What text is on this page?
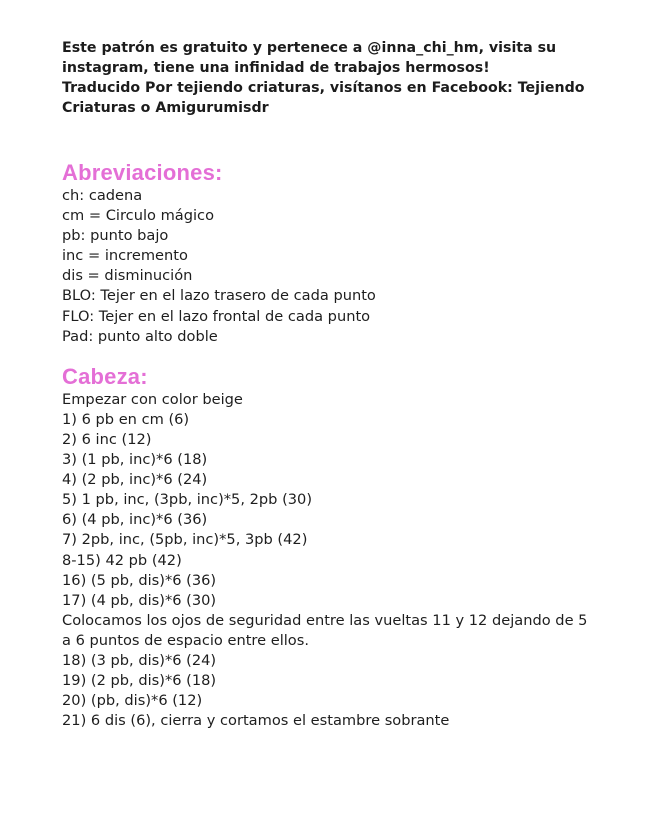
Este patrón es gratuito y pertenece a @inna_chi_hm, visita su

instagram, tiene una infinidad de trabajos hermosos!

Traducido Por tejiendo criaturas, visítanos en Facebook: Tejiendo

Criaturas o Amigurumisdr

Abreviaciones:
ch: cadena
cm = Circulo mágico
pb: punto bajo
inc = incremento
dis = disminución
BLO: Tejer en el lazo trasero de cada punto
FLO: Tejer en el lazo frontal de cada punto
Pad: punto alto doble
Cabeza:
Empezar con color beige
1) 6 pb en cm (6)
2) 6 inc (12)
3) (1 pb, inc)*6 (18)
4) (2 pb, inc)*6 (24)
5) 1 pb, inc, (3pb, inc)*5, 2pb (30)
6) (4 pb, inc)*6 (36)
7) 2pb, inc, (5pb, inc)*5, 3pb (42)
8-15) 42 pb (42)
16) (5 pb, dis)*6 (36)
17) (4 pb, dis)*6 (30)
Colocamos los ojos de seguridad entre las vueltas 11 y 12 dejando de 5
a 6 puntos de espacio entre ellos.
18) (3 pb, dis)*6 (24)
19) (2 pb, dis)*6 (18)
20) (pb, dis)*6 (12)
21) 6 dis (6), cierra y cortamos el estambre sobrante
